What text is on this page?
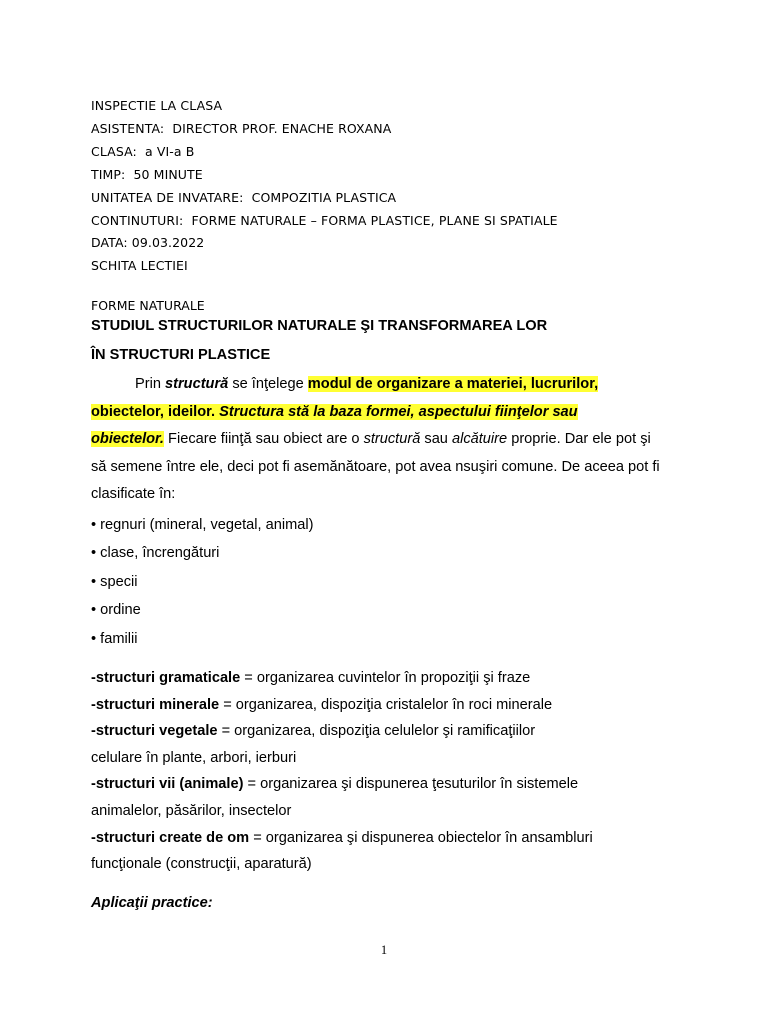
INSPECTIE LA CLASA
ASISTENTA:  DIRECTOR PROF. ENACHE ROXANA
CLASA:  a VI-a B
TIMP:  50 MINUTE
UNITATEA DE INVATARE:  COMPOZITIA PLASTICA
CONTINUTURI:  FORME NATURALE – FORMA PLASTICE, PLANE SI SPATIALE
DATA: 09.03.2022
SCHITA LECTIEI
FORME NATURALE
STUDIUL STRUCTURILOR NATURALE ŞI TRANSFORMAREA LOR
ÎN STRUCTURI PLASTICE
Prin structură se înţelege modul de organizare a materiei, lucrurilor,
obiectelor, ideilor. Structura stă la baza formei, aspectului fiinţelor sau
obiectelor. Fiecare fiinţă sau obiect are o structură sau alcătuire proprie. Dar ele pot şi
să semene între ele, deci pot fi asemănătoare, pot avea nsuşiri comune. De aceea pot fi
clasificate în:
• regnuri (mineral, vegetal, animal)
• clase, încrengături
• specii
• ordine
• familii
-structuri gramaticale = organizarea cuvintelor în propoziţii şi fraze
-structuri minerale = organizarea, dispoziţia cristalelor în roci minerale
-structuri vegetale = organizarea, dispoziţia celulelor şi ramificaţiilor
celulare în plante, arbori, ierburi
-structuri vii (animale) = organizarea şi dispunerea ţesuturilor în sistemele
animalelor, păsărilor, insectelor
-structuri create de om = organizarea şi dispunerea obiectelor în ansambluri
funcţionale (construcţii, aparatură)
Aplicaţii practice:
1
